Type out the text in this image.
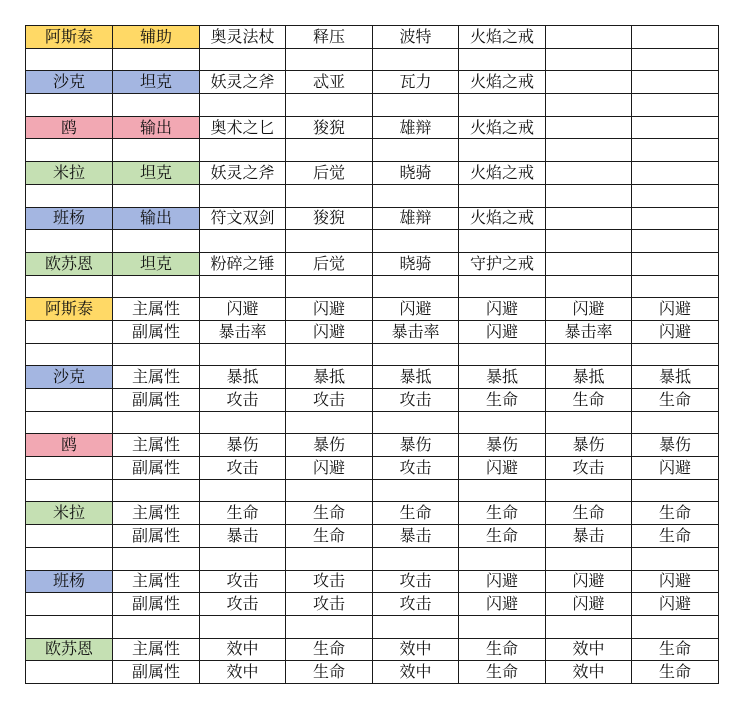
阿斯泰	辅助	奥灵法杖	释压	波特	火焰之戒		

沙克	坦克	妖灵之斧	忒亚	瓦力	火焰之戒		

鸥	输出	奥术之匕	狻猊	雄辩	火焰之戒		

米拉	坦克	妖灵之斧	后觉	晓骑	火焰之戒		

班杨	输出	符文双剑	狻猊	雄辩	火焰之戒		

欧苏恩	坦克	粉碎之锤	后觉	晓骑	守护之戒		

阿斯泰	主属性	闪避	闪避	闪避	闪避	闪避	闪避
	副属性	暴击率	闪避	暴击率	闪避	暴击率	闪避

沙克	主属性	暴抵	暴抵	暴抵	暴抵	暴抵	暴抵
	副属性	攻击	攻击	攻击	生命	生命	生命

鸥	主属性	暴伤	暴伤	暴伤	暴伤	暴伤	暴伤
	副属性	攻击	闪避	攻击	闪避	攻击	闪避

米拉	主属性	生命	生命	生命	生命	生命	生命
	副属性	暴击	生命	暴击	生命	暴击	生命

班杨	主属性	攻击	攻击	攻击	闪避	闪避	闪避
	副属性	攻击	攻击	攻击	闪避	闪避	闪避

欧苏恩	主属性	效中	生命	效中	生命	效中	生命
	副属性	效中	生命	效中	生命	效中	生命
